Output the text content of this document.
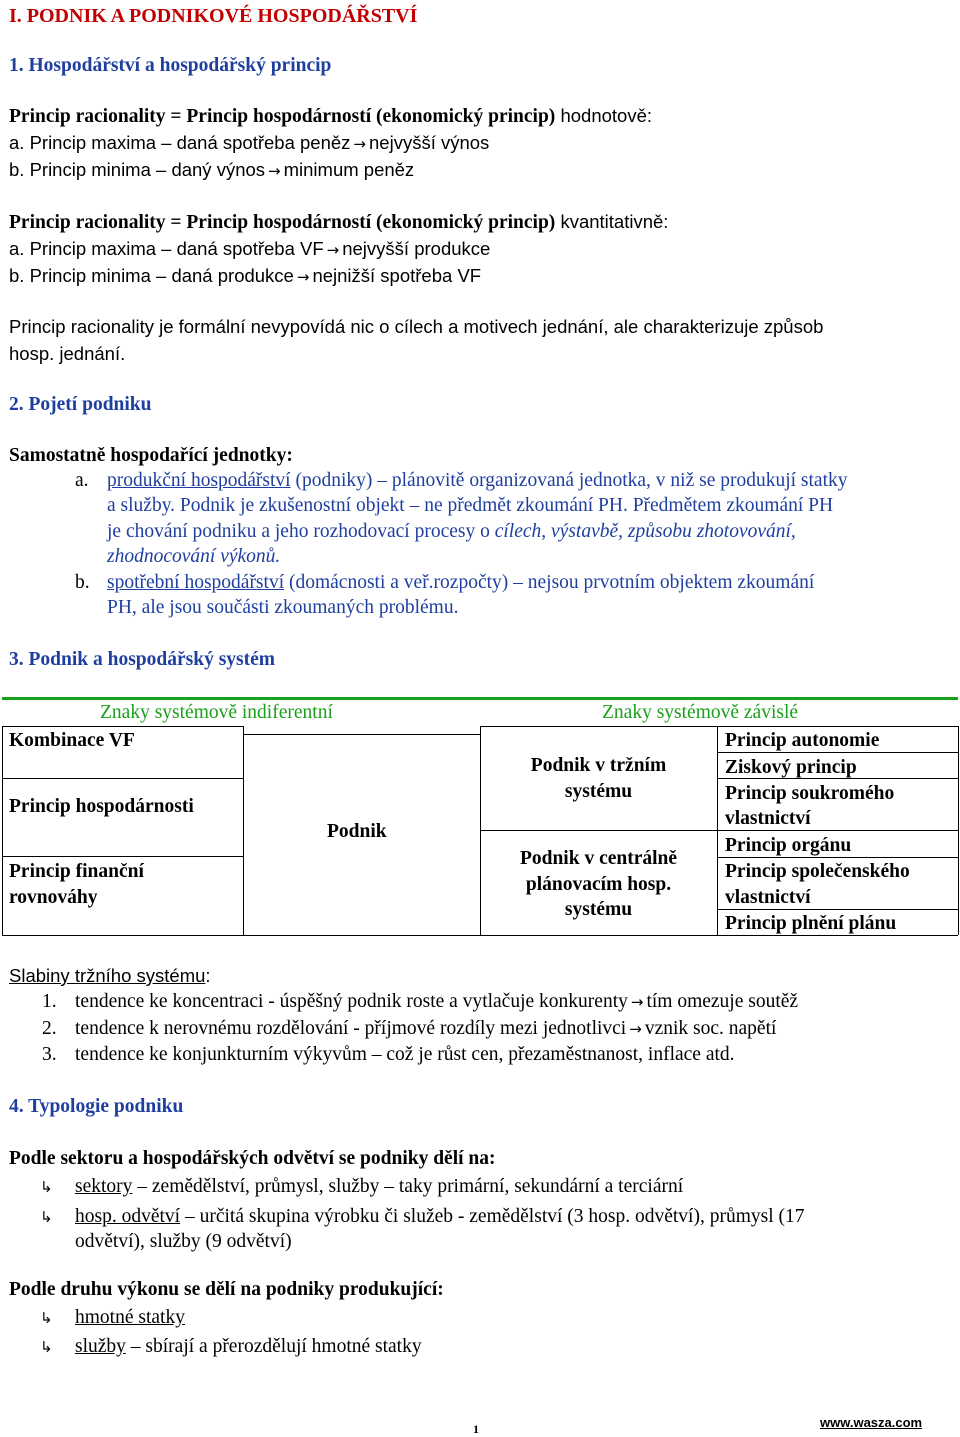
I. PODNIK A PODNIKOVÉ HOSPODÁŘSTVÍ
1. Hospodářství a hospodářský princip
Princip racionality = Princip hospodárností (ekonomický princip) hodnotově:
a. Princip maxima – daná spotřeba peněz → nejvyšší výnos
b. Princip minima – daný výnos → minimum peněz
Princip racionality = Princip hospodárností (ekonomický princip) kvantitativně:
a. Princip maxima – daná spotřeba VF → nejvyšší produkce
b. Princip minima – daná produkce → nejnižší spotřeba VF
Princip racionality je formální nevypovídá nic o cílech a motivech jednání, ale charakterizuje způsob
hosp. jednání.
2. Pojetí podniku
Samostatně hospodařící jednotky:
a. produkční hospodářství (podniky) – plánovitě organizovaná jednotka, v niž se produkují statky
a služby. Podnik je zkušenostní objekt – ne předmět zkoumání PH. Předmětem zkoumání PH
je chování podniku a jeho rozhodovací procesy o cílech, výstavbě, způsobu zhotovování,
zhodnocování výkonů.
b. spotřební hospodářství (domácnosti a veř.rozpočty) – nejsou prvotním objektem zkoumání
PH, ale jsou součásti zkoumaných problému.
3. Podnik a hospodářský systém
Znaky systémově indiferentní	Znaky systémově závislé
Kombinace VF
Princip hospodárnosti
Princip finanční
rovnováhy
Podnik
Podnik v tržním
systému
Podnik v centrálně
plánovacím hosp.
systému
Princip autonomie
Ziskový princip
Princip soukromého
vlastnictví
Princip orgánu
Princip společenského
vlastnictví
Princip plnění plánu
Slabiny tržního systému:
1. tendence ke koncentraci - úspěšný podnik roste a vytlačuje konkurenty → tím omezuje soutěž
2. tendence k nerovnému rozdělování - příjmové rozdíly mezi jednotlivci → vznik soc. napětí
3. tendence ke konjunkturním výkyvům – což je růst cen, přezaměstnanost, inflace atd.
4. Typologie podniku
Podle sektoru a hospodářských odvětví se podniky dělí na:
↳ sektory – zemědělství, průmysl, služby – taky primární, sekundární a terciární
↳ hosp. odvětví – určitá skupina výrobku či služeb - zemědělství (3 hosp. odvětví), průmysl (17
odvětví), služby (9 odvětví)
Podle druhu výkonu se dělí na podniky produkující:
↳ hmotné statky
↳ služby – sbírají a přerozdělují hmotné statky
1	www.wasza.com
